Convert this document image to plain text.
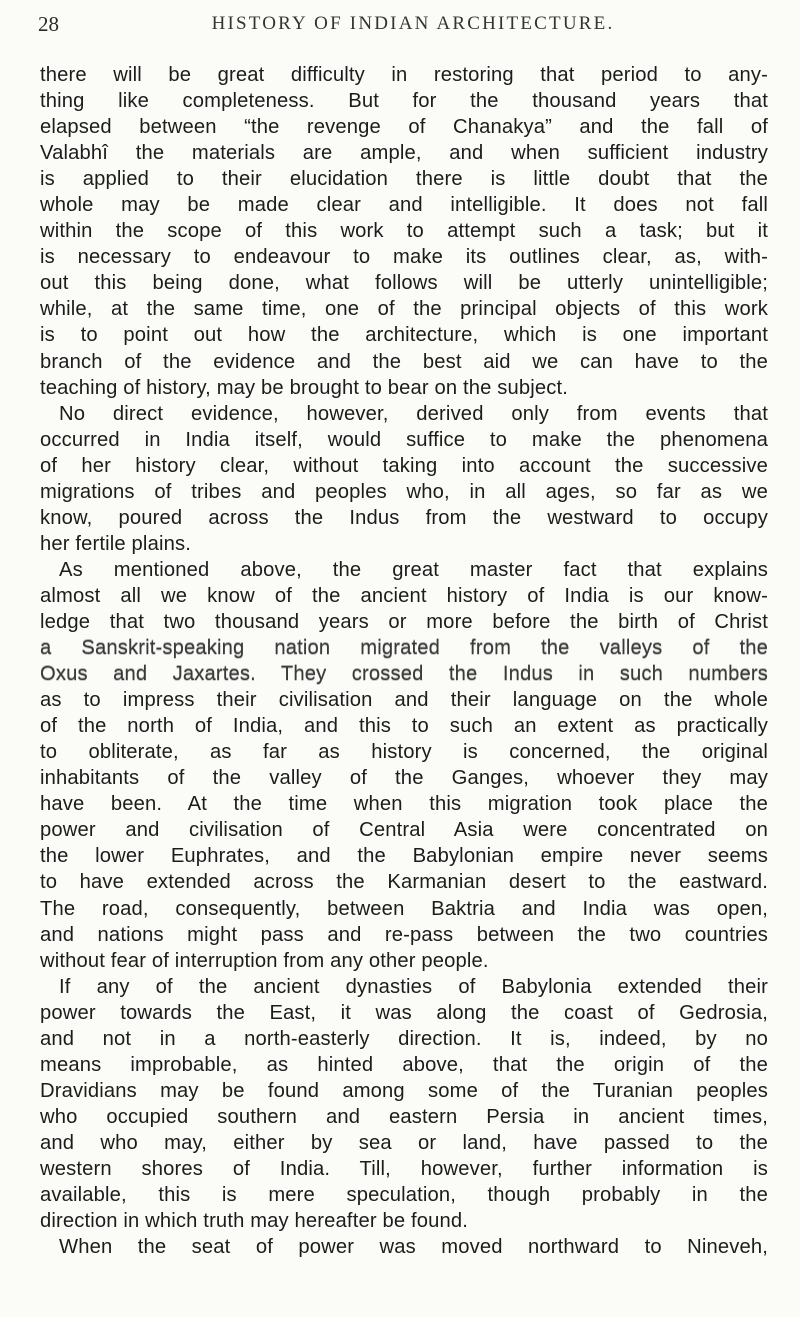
28	HISTORY OF INDIAN ARCHITECTURE.
there will be great difficulty in restoring that period to any-
thing like completeness. But for the thousand years that
elapsed between “the revenge of Chanakya” and the fall of
Valabhî the materials are ample, and when sufficient industry
is applied to their elucidation there is little doubt that the
whole may be made clear and intelligible. It does not fall
within the scope of this work to attempt such a task; but it
is necessary to endeavour to make its outlines clear, as, with-
out this being done, what follows will be utterly unintelligible;
while, at the same time, one of the principal objects of this work
is to point out how the architecture, which is one important
branch of the evidence and the best aid we can have to the
teaching of history, may be brought to bear on the subject.
No direct evidence, however, derived only from events that
occurred in India itself, would suffice to make the phenomena
of her history clear, without taking into account the successive
migrations of tribes and peoples who, in all ages, so far as we
know, poured across the Indus from the westward to occupy
her fertile plains.
As mentioned above, the great master fact that explains
almost all we know of the ancient history of India is our know-
ledge that two thousand years or more before the birth of Christ
a Sanskrit-speaking nation migrated from the valleys of the
Oxus and Jaxartes. They crossed the Indus in such numbers
as to impress their civilisation and their language on the whole
of the north of India, and this to such an extent as practically
to obliterate, as far as history is concerned, the original
inhabitants of the valley of the Ganges, whoever they may
have been. At the time when this migration took place the
power and civilisation of Central Asia were concentrated on
the lower Euphrates, and the Babylonian empire never seems
to have extended across the Karmanian desert to the eastward.
The road, consequently, between Baktria and India was open,
and nations might pass and re-pass between the two countries
without fear of interruption from any other people.
If any of the ancient dynasties of Babylonia extended their
power towards the East, it was along the coast of Gedrosia,
and not in a north-easterly direction. It is, indeed, by no
means improbable, as hinted above, that the origin of the
Dravidians may be found among some of the Turanian peoples
who occupied southern and eastern Persia in ancient times,
and who may, either by sea or land, have passed to the
western shores of India. Till, however, further information is
available, this is mere speculation, though probably in the
direction in which truth may hereafter be found.
When the seat of power was moved northward to Nineveh,
